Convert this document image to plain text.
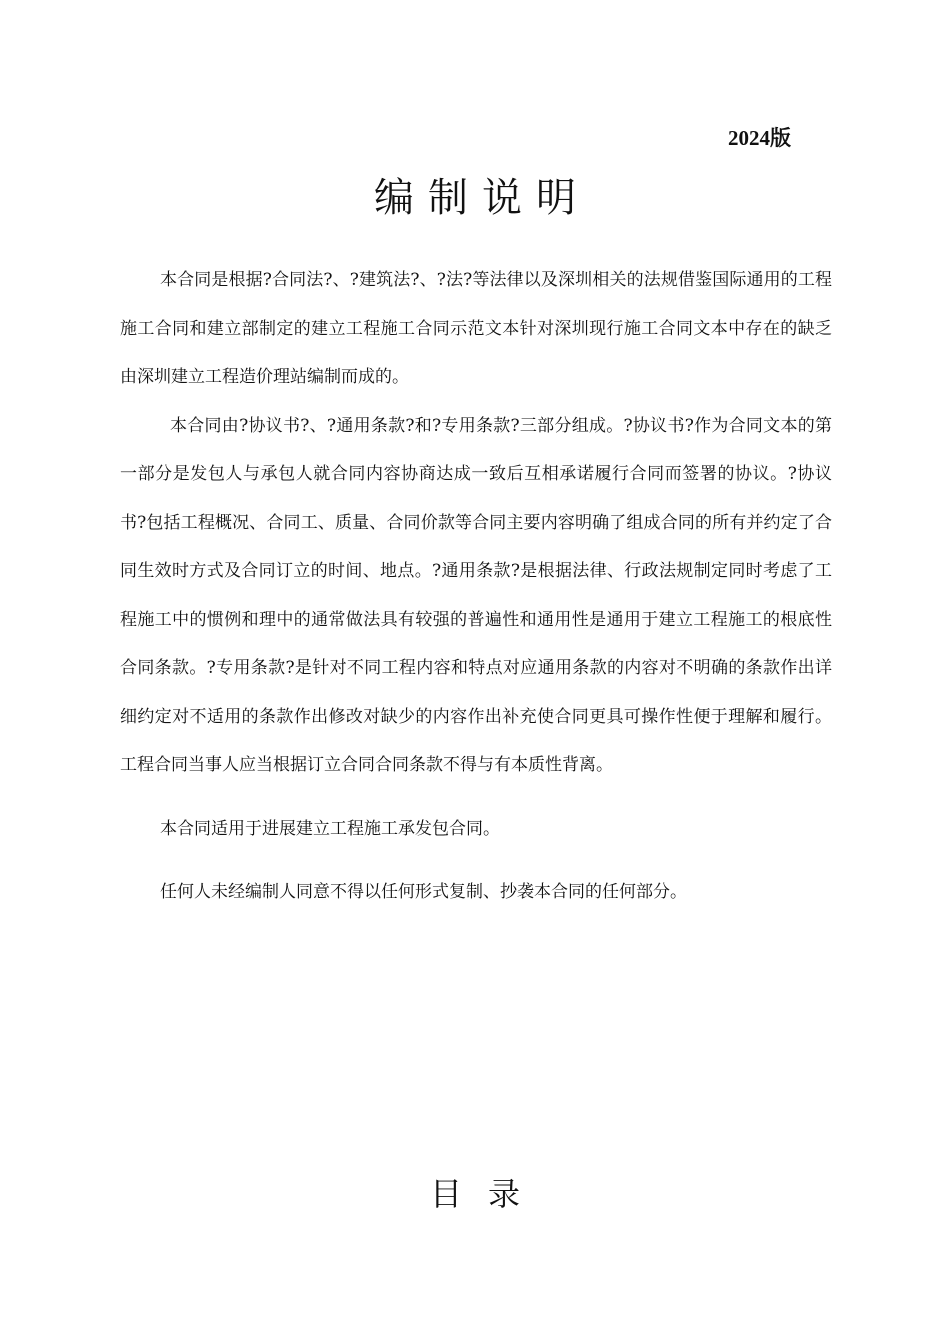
2024版
编制说明

本合同是根据?合同法?、?建筑法?、?法?等法律以及深圳相关的法规借鉴国际通用的工程施工合同和建立部制定的建立工程施工合同示范文本针对深圳现行施工合同文本中存在的缺乏由深圳建立工程造价理站编制而成的。

本合同由?协议书?、?通用条款?和?专用条款?三部分组成。?协议书?作为合同文本的第一部分是发包人与承包人就合同内容协商达成一致后互相承诺履行合同而签署的协议。?协议书?包括工程概况、合同工、质量、合同价款等合同主要内容明确了组成合同的所有并约定了合同生效时方式及合同订立的时间、地点。?通用条款?是根据法律、行政法规制定同时考虑了工程施工中的惯例和理中的通常做法具有较强的普遍性和通用性是通用于建立工程施工的根底性合同条款。?专用条款?是针对不同工程内容和特点对应通用条款的内容对不明确的条款作出详细约定对不适用的条款作出修改对缺少的内容作出补充使合同更具可操作性便于理解和履行。工程合同当事人应当根据订立合同合同条款不得与有本质性背离。

本合同适用于进展建立工程施工承发包合同。

任何人未经编制人同意不得以任何形式复制、抄袭本合同的任何部分。

目录
